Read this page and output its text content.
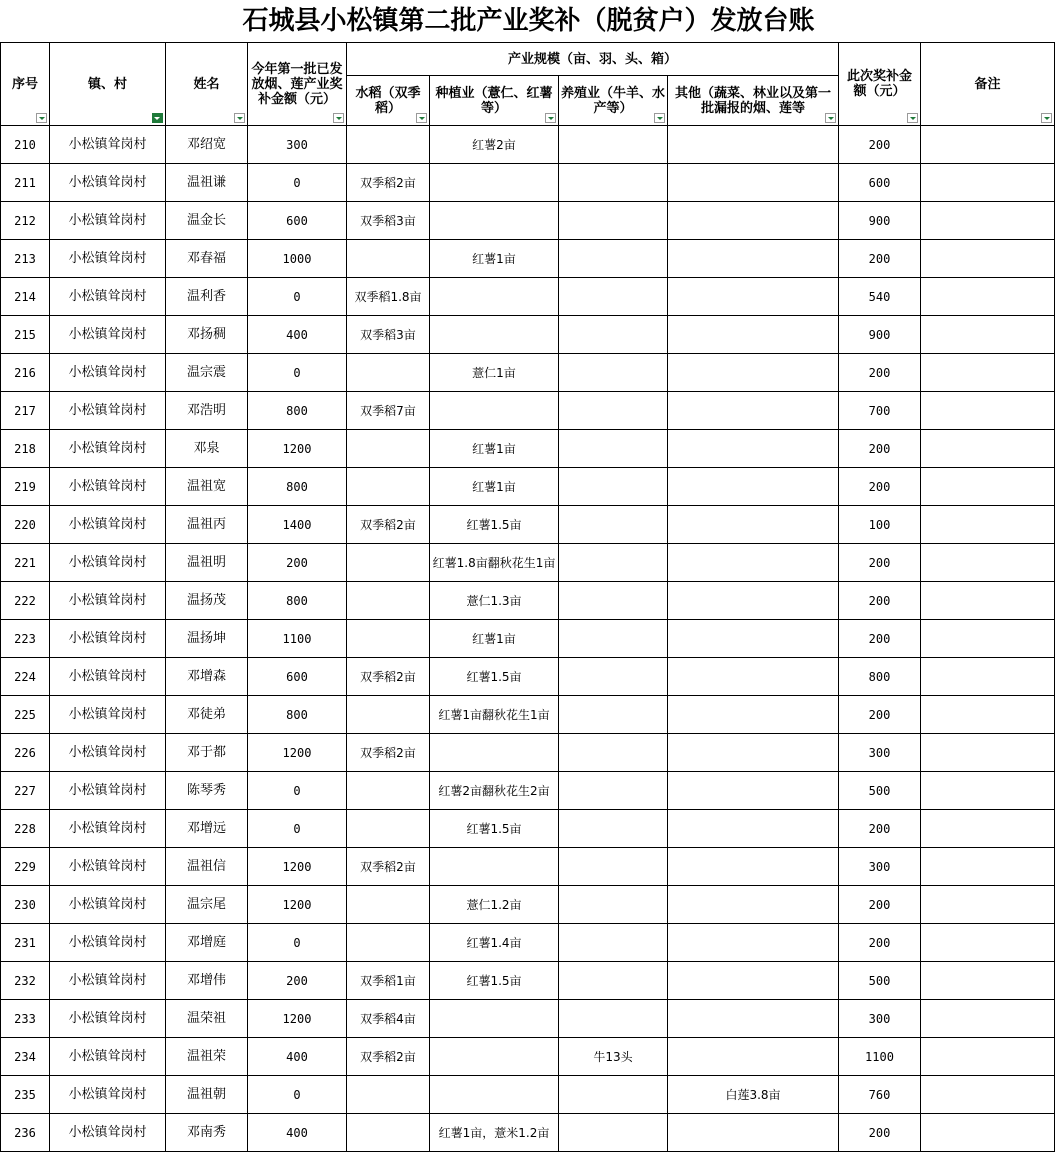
石城县小松镇第二批产业奖补（脱贫户）发放台账
序号	镇、村	姓名	今年第一批已发放烟、莲产业奖补金额（元）	产业规模（亩、羽、头、箱）				此次奖补金额（元）	备注

				水稻（双季稻）	种植业（薏仁、红薯等）	养殖业（牛羊、水产等）	其他（蔬菜、林业以及第一批漏报的烟、莲等		

210	小松镇耸岗村	邓绍宽	300		红薯2亩			200	
211	小松镇耸岗村	温祖谦	0	双季稻2亩				600	
212	小松镇耸岗村	温金长	600	双季稻3亩				900	
213	小松镇耸岗村	邓春福	1000		红薯1亩			200	
214	小松镇耸岗村	温利香	0	双季稻1.8亩				540	
215	小松镇耸岗村	邓扬稠	400	双季稻3亩				900	
216	小松镇耸岗村	温宗震	0		薏仁1亩			200	
217	小松镇耸岗村	邓浩明	800	双季稻7亩				700	
218	小松镇耸岗村	邓泉	1200		红薯1亩			200	
219	小松镇耸岗村	温祖宽	800		红薯1亩			200	
220	小松镇耸岗村	温祖丙	1400	双季稻2亩	红薯1.5亩			100	
221	小松镇耸岗村	温祖明	200		红薯1.8亩翻秋花生1亩			200	
222	小松镇耸岗村	温扬茂	800		薏仁1.3亩			200	
223	小松镇耸岗村	温扬坤	1100		红薯1亩			200	
224	小松镇耸岗村	邓增森	600	双季稻2亩	红薯1.5亩			800	
225	小松镇耸岗村	邓徒弟	800		红薯1亩翻秋花生1亩			200	
226	小松镇耸岗村	邓于都	1200	双季稻2亩				300	
227	小松镇耸岗村	陈琴秀	0		红薯2亩翻秋花生2亩			500	
228	小松镇耸岗村	邓增远	0		红薯1.5亩			200	
229	小松镇耸岗村	温祖信	1200	双季稻2亩				300	
230	小松镇耸岗村	温宗尾	1200		薏仁1.2亩			200	
231	小松镇耸岗村	邓增庭	0		红薯1.4亩			200	
232	小松镇耸岗村	邓增伟	200	双季稻1亩	红薯1.5亩			500	
233	小松镇耸岗村	温荣祖	1200	双季稻4亩				300	
234	小松镇耸岗村	温祖荣	400	双季稻2亩		牛13头		1100	
235	小松镇耸岗村	温祖朝	0				白莲3.8亩	760	
236	小松镇耸岗村	邓南秀	400		红薯1亩，薏米1.2亩			200	
